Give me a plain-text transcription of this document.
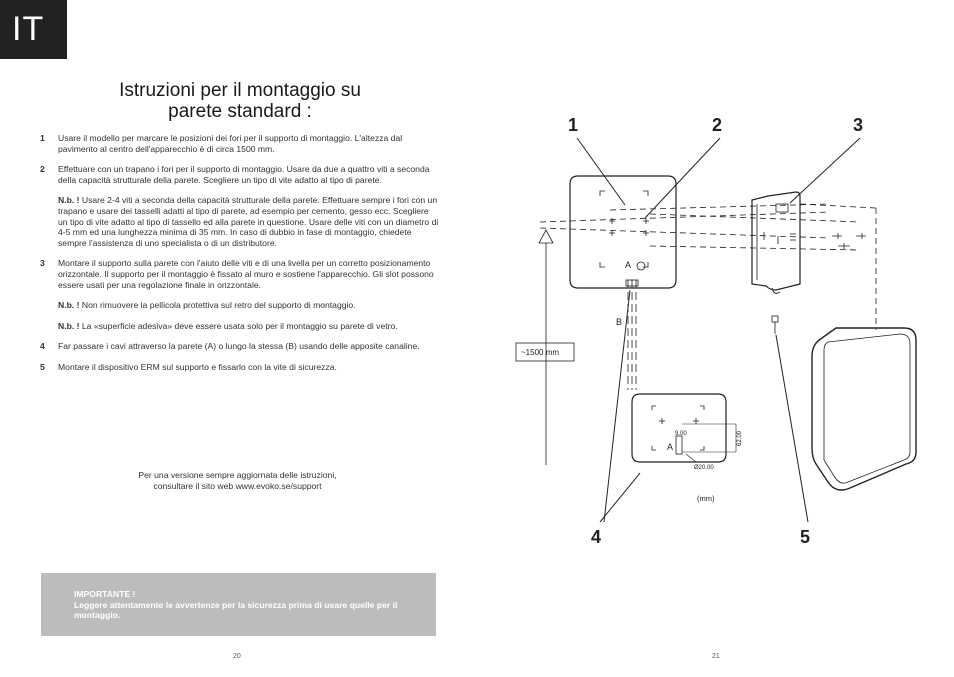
IT
Istruzioni per il montaggio su parete standard :
1 Usare il modello per marcare le posizioni dei fori per il supporto di montaggio. L'altezza dal pavimento al centro dell'apparecchio è di circa 1500 mm.

2 Effettuare con un trapano i fori per il supporto di montaggio. Usare da due a quattro viti a seconda della capacità strutturale della parete. Scegliere un tipo di vite adatto al tipo di parete.

N.b. ! Usare 2-4 viti a seconda della capacità strutturale della parete. Effettuare sempre i fori con un trapano e usare dei tasselli adatti al tipo di parete, ad esempio per cemento, gesso ecc. Scegliere un tipo di vite adatto al tipo di tassello ed alla parete in questione. Usare delle viti con un diametro di 4-5 mm ed una lunghezza minima di 35 mm. In caso di dubbio in fase di montaggio, chiedete sempre l'assistenza di uno specialista o di un distributore.

3 Montare il supporto sulla parete con l'aiuto delle viti e di una livella per un corretto posizionamento orizzontale. Il supporto per il montaggio è fissato al muro e sostiene l'apparecchio. Gli slot possono essere usati per una regolazione finale in orizzontale.

N.b. ! Non rimuovere la pellicola protettiva sul retro del supporto di montaggio.

N.b. ! La «superficie adesiva» deve essere usata solo per il montaggio su parete di vetro.

4 Far passare i cavi attraverso la parete (A) o lungo la stessa (B) usando delle apposite canaline.

5 Montare il dispositivo ERM sul supporto e fissarlo con la vite di sicurezza.

Per una versione sempre aggiornata delle istruzioni, consultare il sito web www.evoko.se/support
IMPORTANTE !
Leggere attentamente le avvertenze per la sicurezza prima di usare quelle per il montaggio.
20	21
1	2	3
4	5
A
B
~1500 mm
A
9.00	62.00
Ø20.00
(mm)
